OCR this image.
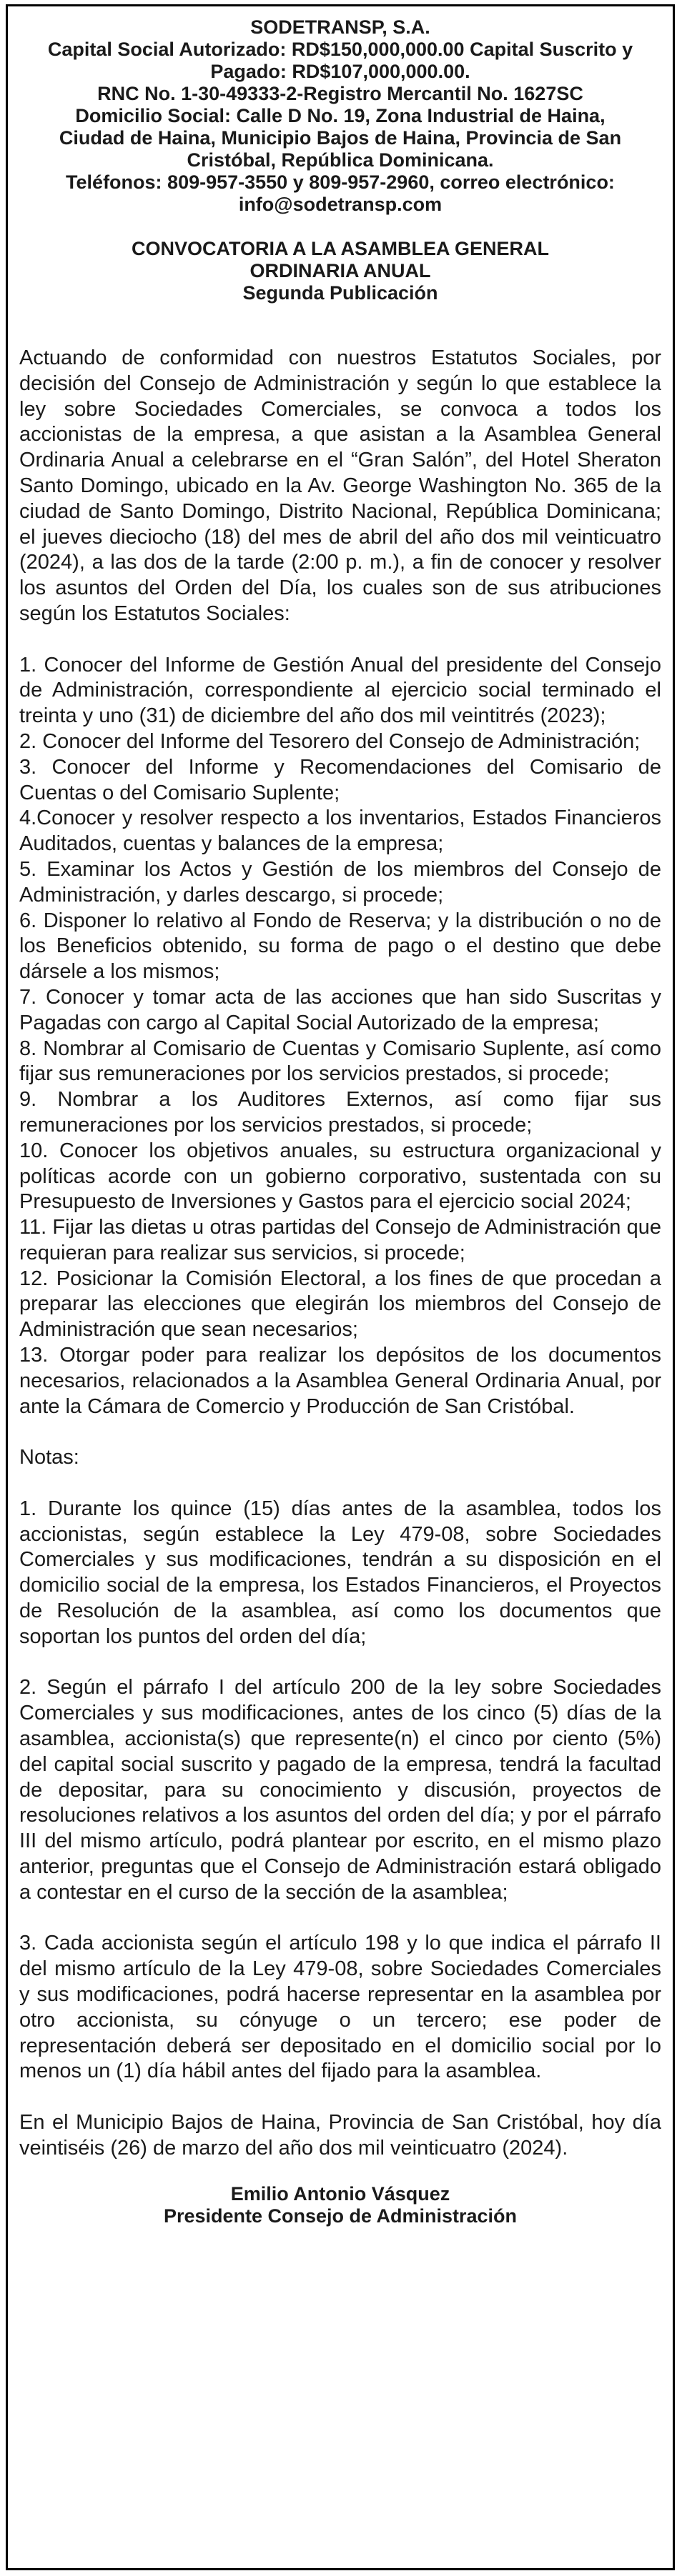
SODETRANSP, S.A.
Capital Social Autorizado: RD$150,000,000.00 Capital Suscrito y
Pagado: RD$107,000,000.00.
RNC No. 1-30-49333-2-Registro Mercantil No. 1627SC
Domicilio Social: Calle D No. 19, Zona Industrial de Haina,
Ciudad de Haina, Municipio Bajos de Haina, Provincia de San
Cristóbal, República Dominicana.
Teléfonos: 809-957-3550 y 809-957-2960, correo electrónico:
info@sodetransp.com
CONVOCATORIA A LA ASAMBLEA GENERAL
ORDINARIA ANUAL
Segunda Publicación

Actuando de conformidad con nuestros Estatutos Sociales, por decisión del Consejo de Administración y según lo que establece la ley sobre Sociedades Comerciales, se convoca a todos los accionistas de la empresa, a que asistan a la Asamblea General Ordinaria Anual a celebrarse en el “Gran Salón”, del Hotel Sheraton Santo Domingo, ubicado en la Av. George Washington No. 365 de la ciudad de Santo Domingo, Distrito Nacional, República Dominicana; el jueves dieciocho (18) del mes de abril del año dos mil veinticuatro (2024), a las dos de la tarde (2:00 p. m.), a fin de conocer y resolver los asuntos del Orden del Día, los cuales son de sus atribuciones según los Estatutos Sociales:

1. Conocer del Informe de Gestión Anual del presidente del Consejo de Administración, correspondiente al ejercicio social terminado el treinta y uno (31) de diciembre del año dos mil veintitrés (2023);

2. Conocer del Informe del Tesorero del Consejo de Administración;

3. Conocer del Informe y Recomendaciones del Comisario de Cuentas o del Comisario Suplente;

4.Conocer y resolver respecto a los inventarios, Estados Financieros Auditados, cuentas y balances de la empresa;

5. Examinar los Actos y Gestión de los miembros del Consejo de Administración, y darles descargo, si procede;

6. Disponer lo relativo al Fondo de Reserva; y la distribución o no de los Beneficios obtenido, su forma de pago o el destino que debe dársele a los mismos;

7. Conocer y tomar acta de las acciones que han sido Suscritas y Pagadas con cargo al Capital Social Autorizado de la empresa;

8. Nombrar al Comisario de Cuentas y Comisario Suplente, así como fijar sus remuneraciones por los servicios prestados, si procede;

9. Nombrar a los Auditores Externos, así como fijar sus remuneraciones por los servicios prestados, si procede;

10. Conocer los objetivos anuales, su estructura organizacional y políticas acorde con un gobierno corporativo, sustentada con su Presupuesto de Inversiones y Gastos para el ejercicio social 2024;

11. Fijar las dietas u otras partidas del Consejo de Administración que requieran para realizar sus servicios, si procede;

12. Posicionar la Comisión Electoral, a los fines de que procedan a preparar las elecciones que elegirán los miembros del Consejo de Administración que sean necesarios;

13. Otorgar poder para realizar los depósitos de los documentos necesarios, relacionados a la Asamblea General Ordinaria Anual, por ante la Cámara de Comercio y Producción de San Cristóbal.

Notas:

1. Durante los quince (15) días antes de la asamblea, todos los accionistas, según establece la Ley 479-08, sobre Sociedades Comerciales y sus modificaciones, tendrán a su disposición en el domicilio social de la empresa, los Estados Financieros, el Proyectos de Resolución de la asamblea, así como los documentos que soportan los puntos del orden del día;

2. Según el párrafo I del artículo 200 de la ley sobre Sociedades Comerciales y sus modificaciones, antes de los cinco (5) días de la asamblea, accionista(s) que represente(n) el cinco por ciento (5%) del capital social suscrito y pagado de la empresa, tendrá la facultad de depositar, para su conocimiento y discusión, proyectos de resoluciones relativos a los asuntos del orden del día; y por el párrafo III del mismo artículo, podrá plantear por escrito, en el mismo plazo anterior, preguntas que el Consejo de Administración estará obligado a contestar en el curso de la sección de la asamblea;

3. Cada accionista según el artículo 198 y lo que indica el párrafo II del mismo artículo de la Ley 479-08, sobre Sociedades Comerciales y sus modificaciones, podrá hacerse representar en la asamblea por otro accionista, su cónyuge o un tercero; ese poder de representación deberá ser depositado en el domicilio social por lo menos un (1) día hábil antes del fijado para la asamblea.

En el Municipio Bajos de Haina, Provincia de San Cristóbal, hoy día veintiséis (26) de marzo del año dos mil veinticuatro (2024).

Emilio Antonio Vásquez
Presidente Consejo de Administración
